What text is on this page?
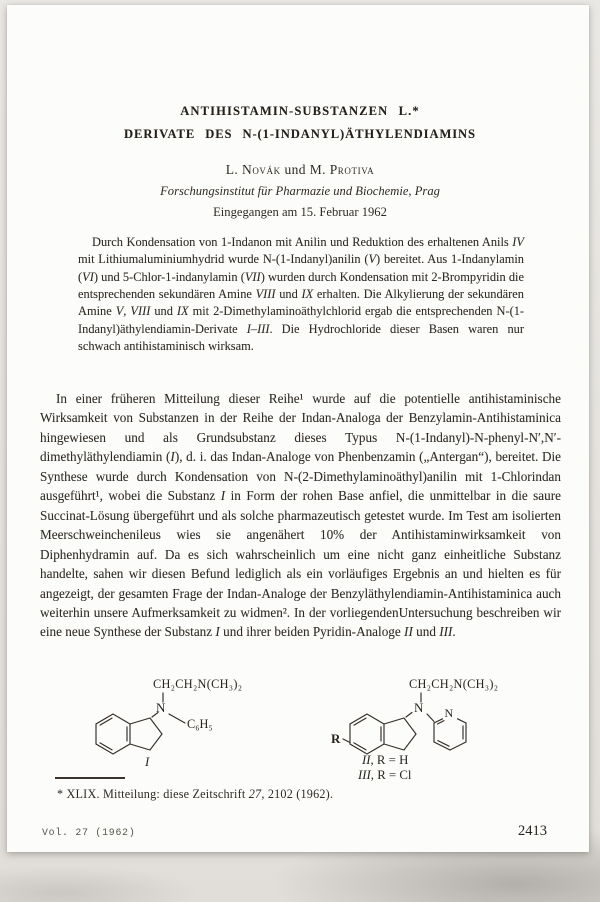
ANTIHISTAMIN-SUBSTANZEN L.*
DERIVATE DES N-(1-INDANYL)ÄTHYLENDIAMINS
L. Novák und M. Protiva
Forschungsinstitut für Pharmazie und Biochemie, Prag
Eingegangen am 15. Februar 1962
Durch Kondensation von 1-Indanon mit Anilin und Reduktion des erhaltenen Anils IV mit Lithiumaluminiumhydrid wurde N-(1-Indanyl)anilin (V) bereitet. Aus 1-Indanylamin (VI) und 5-Chlor-1-indanylamin (VII) wurden durch Kondensation mit 2-Brompyridin die entsprechenden sekundären Amine VIII und IX erhalten. Die Alkylierung der sekundären Amine V, VIII und IX mit 2-Dimethylaminoäthylchlorid ergab die entsprechenden N-(1-Indanyl)äthylendiamin-Derivate I–III. Die Hydrochloride dieser Basen waren nur schwach antihistaminisch wirksam.
In einer früheren Mitteilung dieser Reihe¹ wurde auf die potentielle antihistaminische Wirksamkeit von Substanzen in der Reihe der Indan-Analoga der Benzylamin-Antihistaminica hingewiesen und als Grundsubstanz dieses Typus N-(1-Indanyl)-N-phenyl-N′,N′-dimethyläthylendiamin (I), d. i. das Indan-Analoge von Phenbenzamin („Antergan“), bereitet. Die Synthese wurde durch Kondensation von N-(2-Dimethylaminoäthyl)anilin mit 1-Chlorindan ausgeführt¹, wobei die Substanz I in Form der rohen Base anfiel, die unmittelbar in die saure Succinat-Lösung übergeführt und als solche pharmazeutisch getestet wurde. Im Test am isolierten Meerschweinchenileus wies sie angenähert 10% der Antihistaminwirksamkeit von Diphenhydramin auf. Da es sich wahrscheinlich um eine nicht ganz einheitliche Substanz handelte, sahen wir diesen Befund lediglich als ein vorläufiges Ergebnis an und hielten es für angezeigt, der gesamten Frage der Indan-Analoge der Benzyläthylendiamin-Antihistaminica auch weiterhin unsere Aufmerksamkeit zu widmen². In der vorliegendenUntersuchung beschreiben wir eine neue Synthese der Substanz I und ihrer beiden Pyridin-Analoge II und III.
CH₂CH₂N(CH₃)₂
N
C₆H₅
I
CH₂CH₂N(CH₃)₂
N N
R
II, R = H
III, R = Cl
* XLIX. Mitteilung: diese Zeitschrift 27, 2102 (1962).
Vol. 27 (1962)	2413
